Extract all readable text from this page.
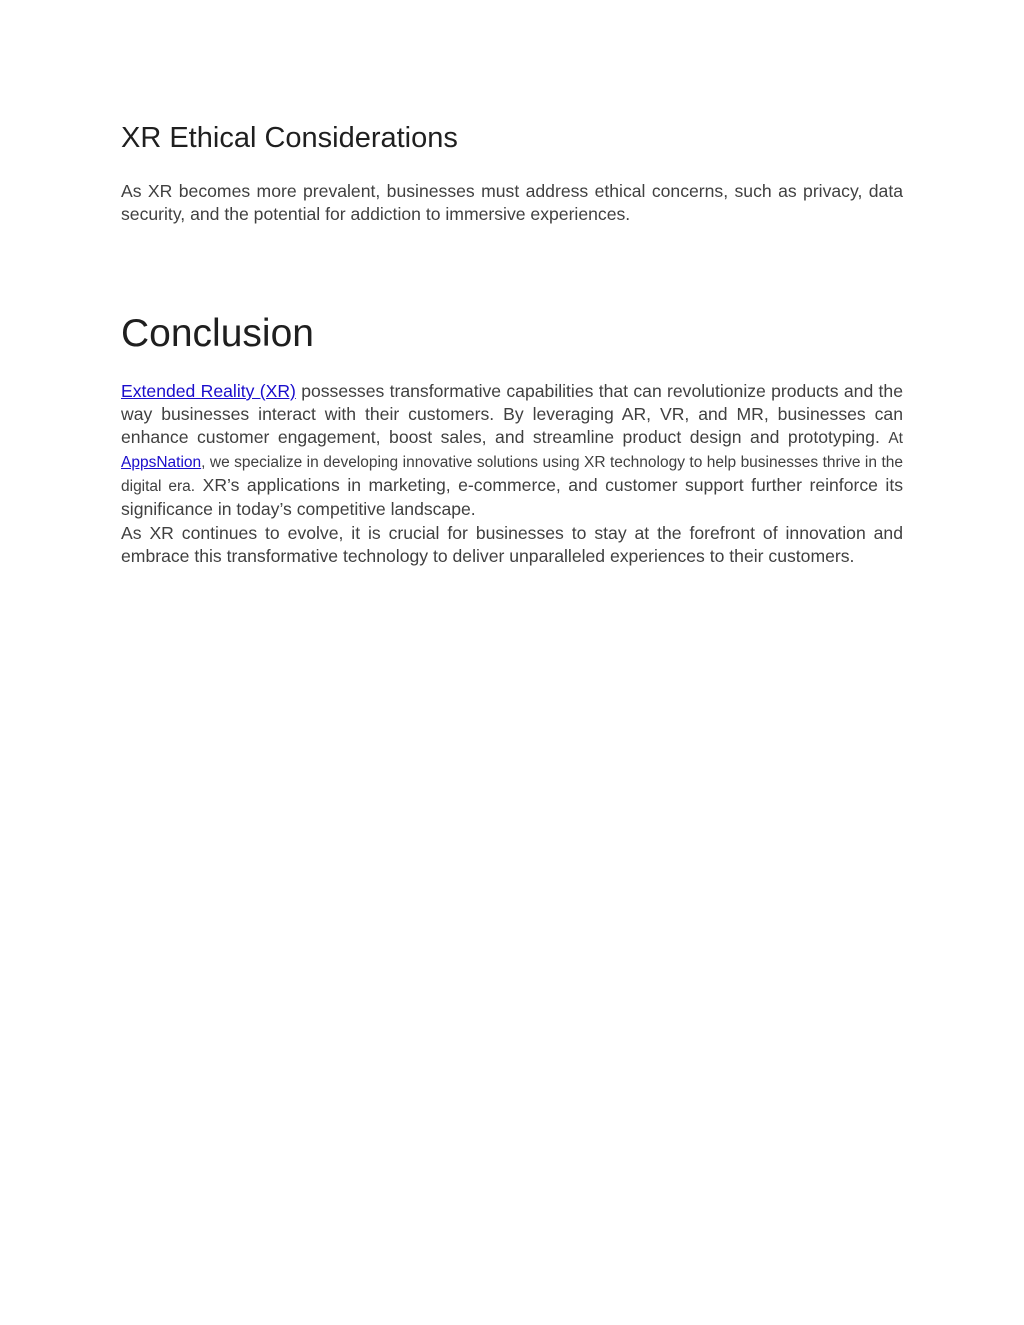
XR Ethical Considerations

As XR becomes more prevalent, businesses must address ethical concerns, such as privacy, data security, and the potential for addiction to immersive experiences.

Conclusion

Extended Reality (XR) possesses transformative capabilities that can revolutionize products and the way businesses interact with their customers. By leveraging AR, VR, and MR, businesses can enhance customer engagement, boost sales, and streamline product design and prototyping. At AppsNation, we specialize in developing innovative solutions using XR technology to help businesses thrive in the digital era. XR’s applications in marketing, e-commerce, and customer support further reinforce its significance in today’s competitive landscape.
As XR continues to evolve, it is crucial for businesses to stay at the forefront of innovation and embrace this transformative technology to deliver unparalleled experiences to their customers.
